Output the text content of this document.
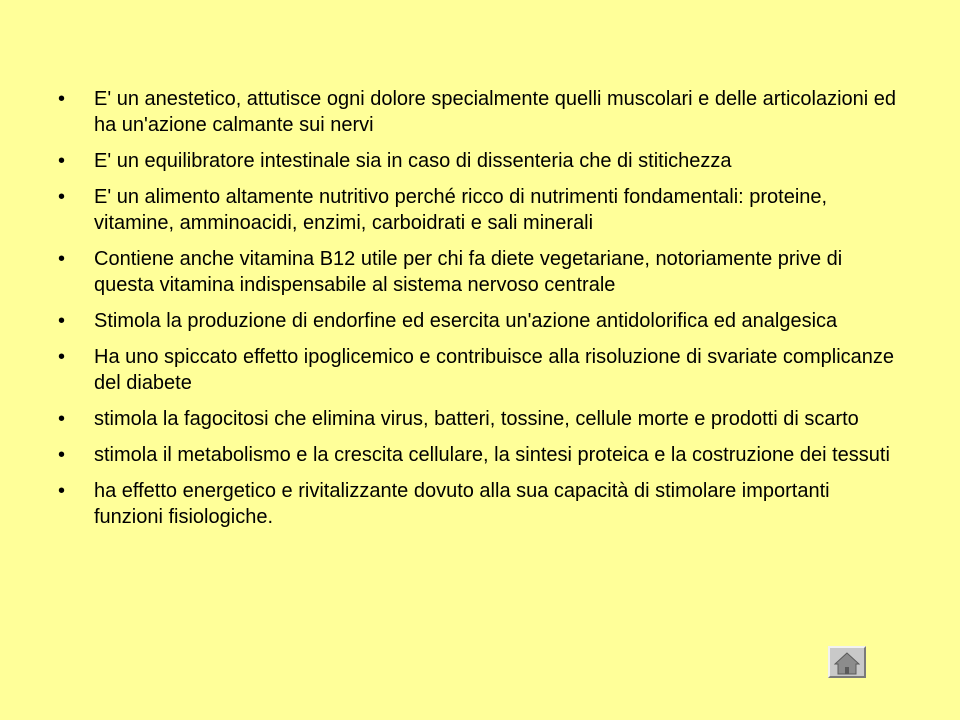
•	E' un anestetico, attutisce ogni dolore specialmente quelli muscolari e delle articolazioni ed ha un'azione calmante sui nervi
•	E' un equilibratore intestinale sia in caso di dissenteria che di stitichezza
•	E' un alimento altamente nutritivo perché ricco di nutrimenti fondamentali: proteine, vitamine, amminoacidi, enzimi, carboidrati e sali minerali
•	Contiene anche vitamina B12 utile per chi fa diete vegetariane, notoriamente prive di questa vitamina indispensabile al sistema nervoso centrale
•	Stimola la produzione di endorfine ed esercita un'azione antidolorifica ed analgesica
•	Ha uno spiccato effetto ipoglicemico e contribuisce alla risoluzione di svariate complicanze del diabete
•	stimola la fagocitosi che elimina virus, batteri, tossine, cellule morte e prodotti di scarto
•	stimola il metabolismo e la crescita cellulare, la sintesi proteica e la costruzione dei tessuti
•	ha effetto energetico e rivitalizzante dovuto alla sua capacità di stimolare importanti funzioni fisiologiche.
